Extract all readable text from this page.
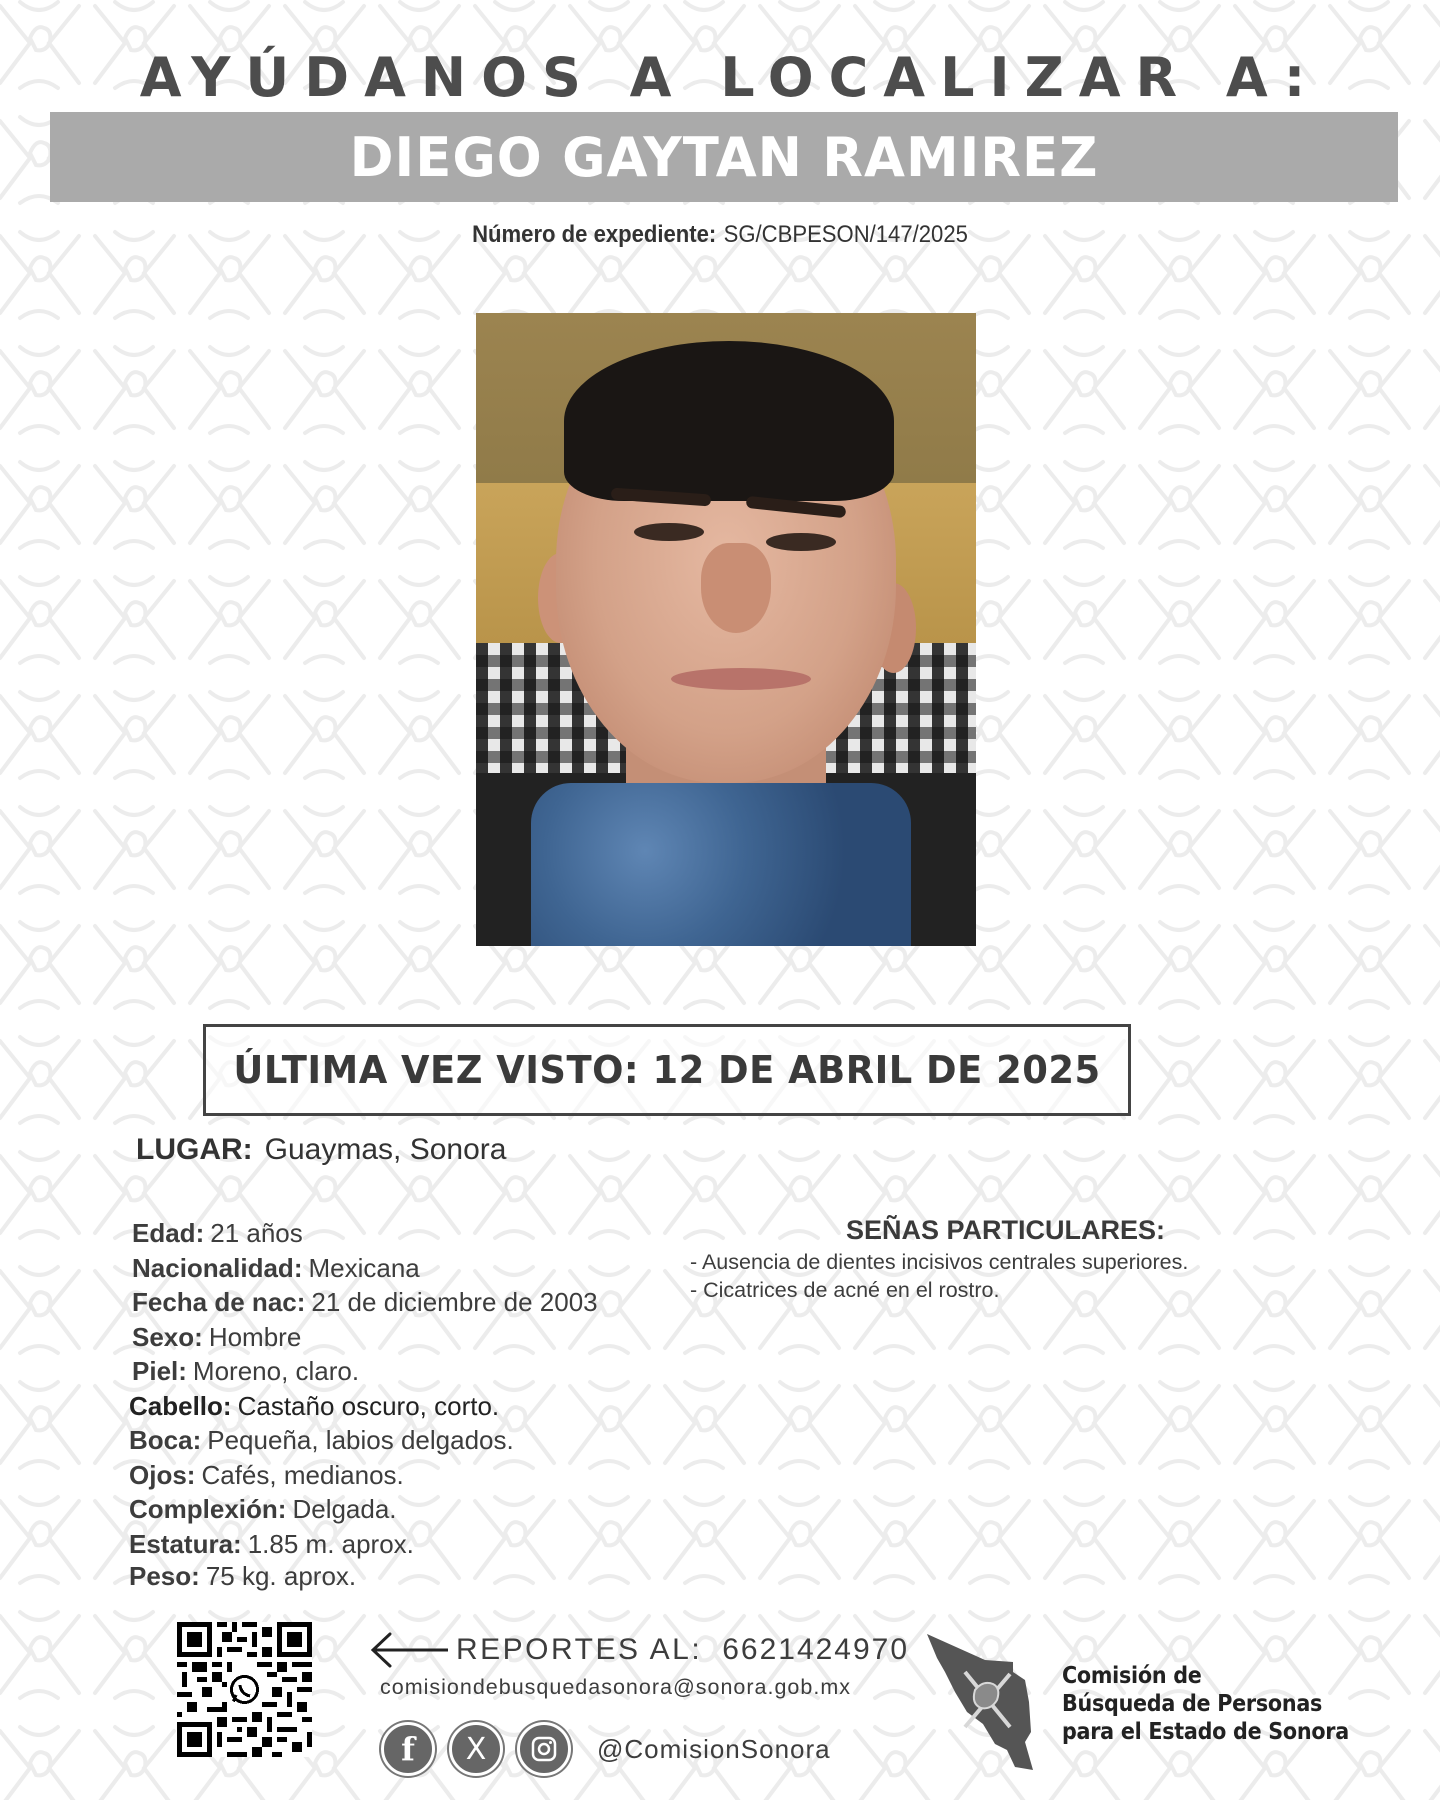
AYÚDANOS A LOCALIZAR A:
DIEGO GAYTAN RAMIREZ
Número de expediente: SG/CBPESON/147/2025
ÚLTIMA VEZ VISTO: 12 DE ABRIL DE 2025
LUGAR: Guaymas, Sonora
Edad: 21 años
Nacionalidad: Mexicana
Fecha de nac: 21 de diciembre de 2003
Sexo: Hombre
Piel: Moreno, claro.
Cabello: Castaño oscuro, corto.
Boca: Pequeña, labios delgados.
Ojos: Cafés, medianos.
Complexión: Delgada.
Estatura: 1.85 m. aprox.
Peso: 75 kg. aprox.
SEÑAS PARTICULARES:
- Ausencia de dientes incisivos centrales superiores.
- Cicatrices de acné en el rostro.
REPORTES AL: 6621424970
comisiondebusquedasonora@sonora.gob.mx
f X	@ComisionSonora
Comisión de
Búsqueda de Personas
para el Estado de Sonora
